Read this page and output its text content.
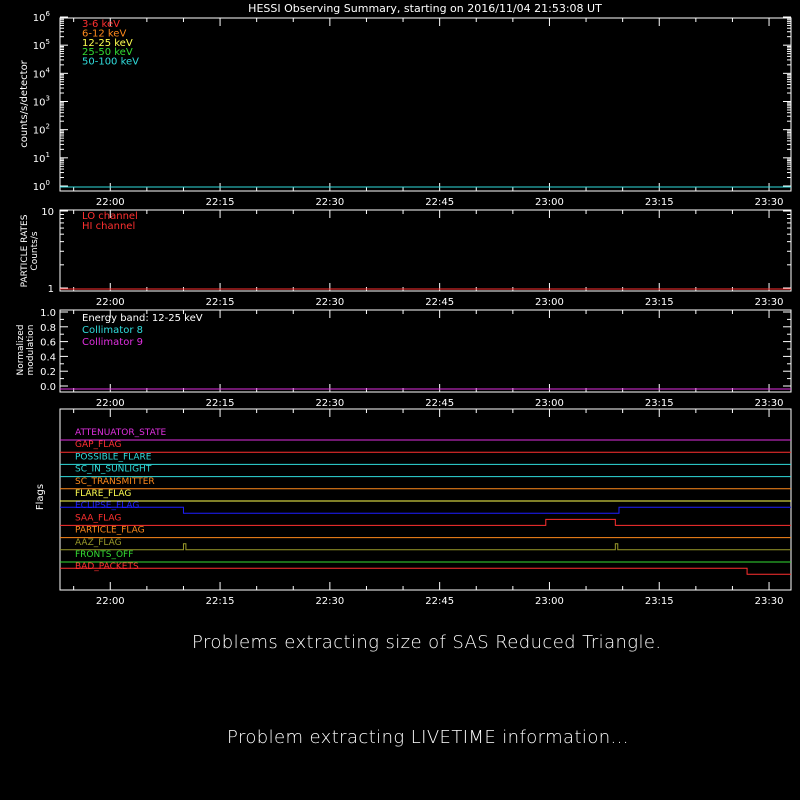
HESSI Observing Summary, starting on 2016/11/04 21:53:08 UT
22:00	22:15	22:30	22:45	23:00	23:15	23:30
$10^0$
$10^1$
$10^2$
$10^3$
$10^4$
$10^5$
$10^6$
counts/s/detector
3-6 keV
6-12 keV
12-25 keV
25-50 keV
50-100 keV
22:00	22:15	22:30	22:45	23:00	23:15	23:30
1
10
PARTICLE RATES Counts/s
LO channel
HI channel
22:00	22:15	22:30	22:45	23:00	23:15	23:30
0.0
0.2
0.4
0.6
0.8
1.0
Normalized modulation
Energy band: 12-25 keV
Collimator 8
Collimator 9
22:00	22:15	22:30	22:45	23:00	23:15	23:30
Flags
ATTENUATOR_STATE
GAP_FLAG
POSSIBLE_FLARE
SC_IN_SUNLIGHT
SC_TRANSMITTER
FLARE_FLAG
ECLIPSE_FLAG
SAA_FLAG
PARTICLE_FLAG
AAZ_FLAG
FRONTS_OFF
BAD_PACKETS
Problems extracting size of SAS Reduced Triangle.
Problem extracting LIVETIME information...
